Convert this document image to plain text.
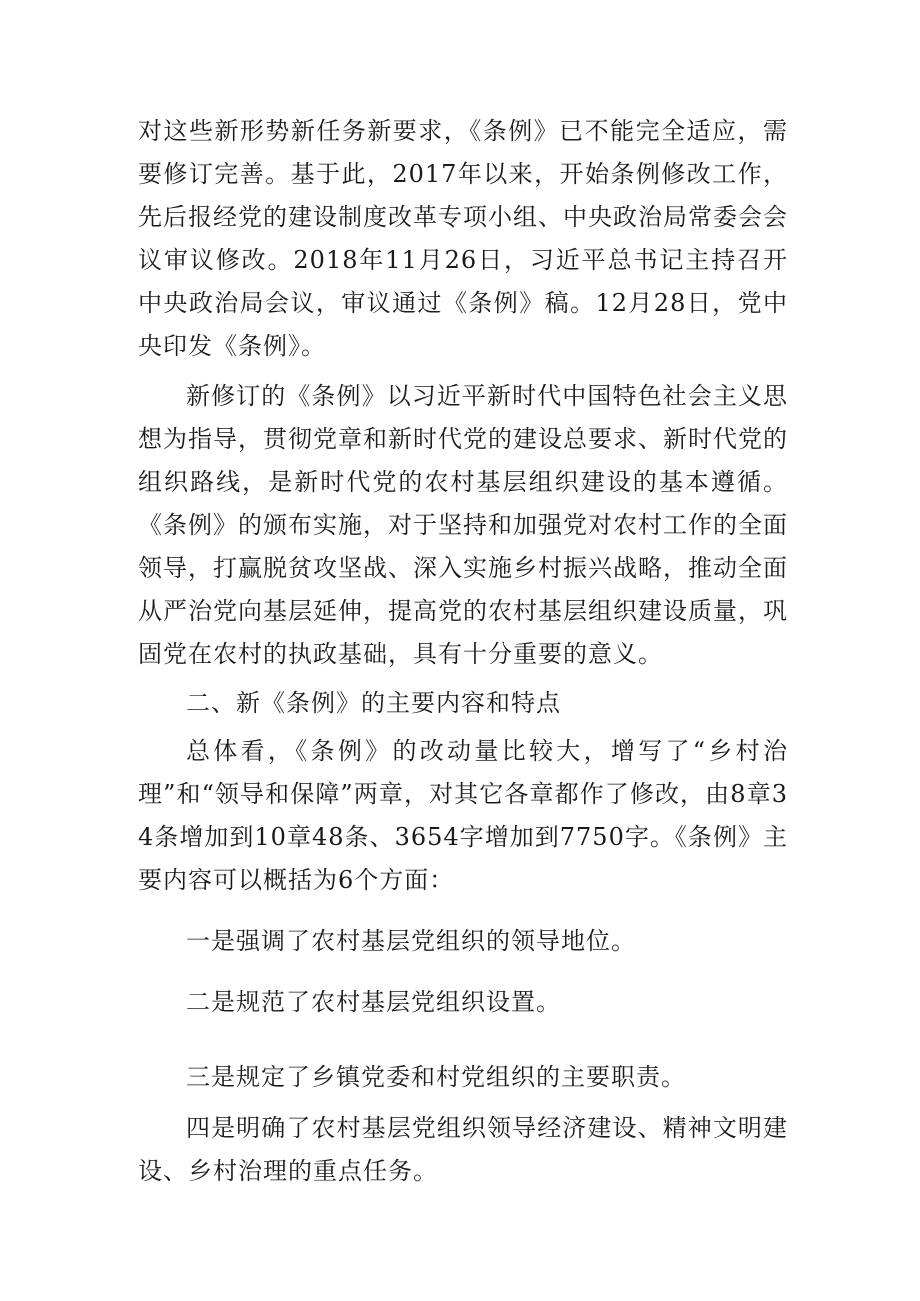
对这些新形势新任务新要求，《条例》已不能完全适应，需要修订完善。基于此，2017年以来，开始条例修改工作，先后报经党的建设制度改革专项小组、中央政治局常委会会议审议修改。2018年11月26日，习近平总书记主持召开中央政治局会议，审议通过《条例》稿。12月28日，党中央印发《条例》。

新修订的《条例》以习近平新时代中国特色社会主义思想为指导，贯彻党章和新时代党的建设总要求、新时代党的组织路线，是新时代党的农村基层组织建设的基本遵循。《条例》的颁布实施，对于坚持和加强党对农村工作的全面领导，打赢脱贫攻坚战、深入实施乡村振兴战略，推动全面从严治党向基层延伸，提高党的农村基层组织建设质量，巩固党在农村的执政基础，具有十分重要的意义。

二、新《条例》的主要内容和特点

总体看，《条例》的改动量比较大，增写了“乡村治理”和“领导和保障”两章，对其它各章都作了修改，由8章34条增加到10章48条、3654字增加到7750字。《条例》主要内容可以概括为6个方面：

一是强调了农村基层党组织的领导地位。

二是规范了农村基层党组织设置。

三是规定了乡镇党委和村党组织的主要职责。

四是明确了农村基层党组织领导经济建设、精神文明建设、乡村治理的重点任务。
